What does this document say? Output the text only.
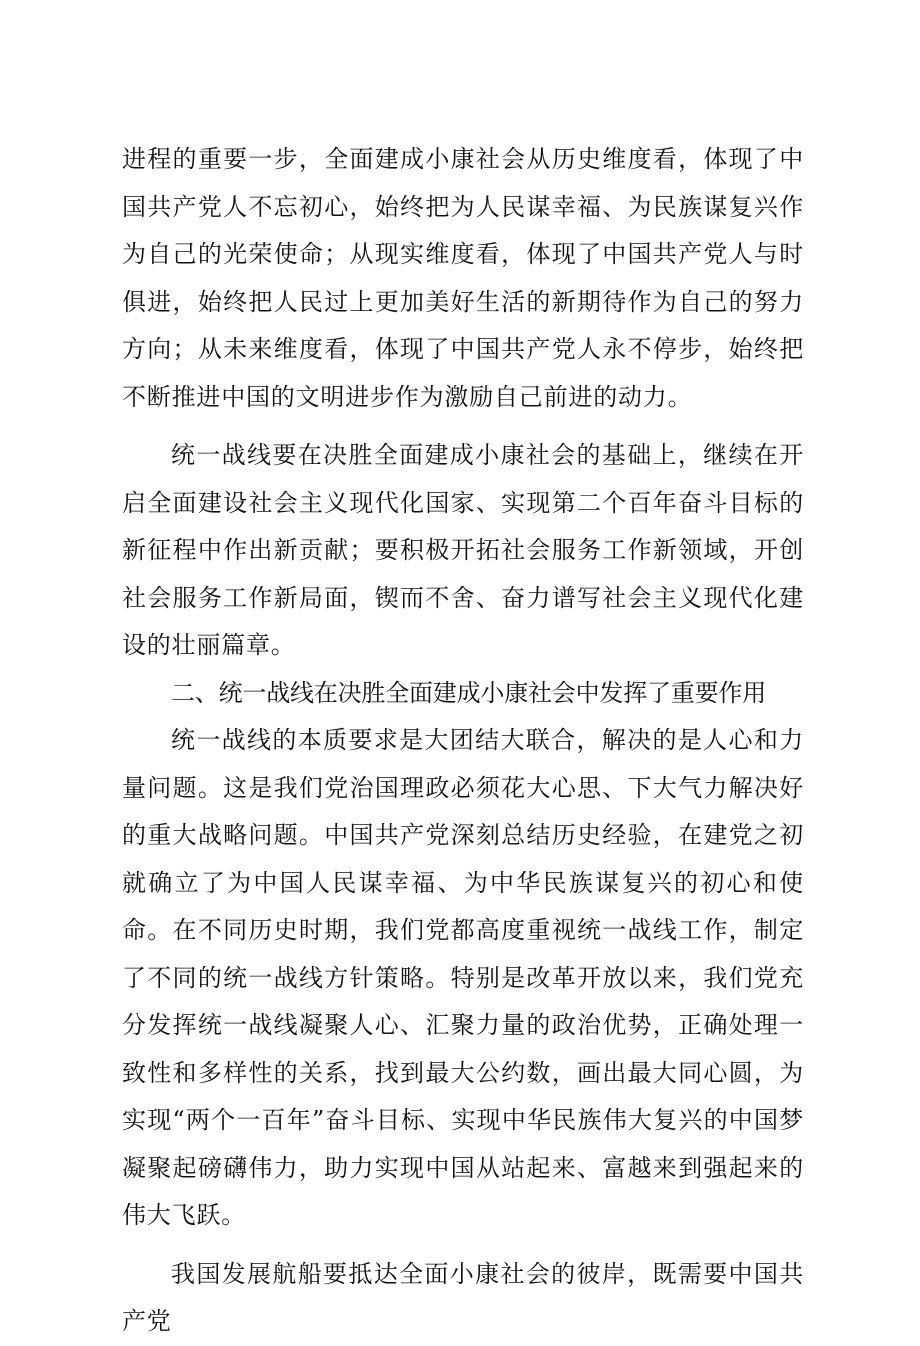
进程的重要一步，全面建成小康社会从历史维度看，体现了中国共产党人不忘初心，始终把为人民谋幸福、为民族谋复兴作为自己的光荣使命；从现实维度看，体现了中国共产党人与时俱进，始终把人民过上更加美好生活的新期待作为自己的努力方向；从未来维度看，体现了中国共产党人永不停步，始终把不断推进中国的文明进步作为激励自己前进的动力。

统一战线要在决胜全面建成小康社会的基础上，继续在开启全面建设社会主义现代化国家、实现第二个百年奋斗目标的新征程中作出新贡献；要积极开拓社会服务工作新领域，开创社会服务工作新局面，锲而不舍、奋力谱写社会主义现代化建设的壮丽篇章。

二、统一战线在决胜全面建成小康社会中发挥了重要作用

统一战线的本质要求是大团结大联合，解决的是人心和力量问题。这是我们党治国理政必须花大心思、下大气力解决好的重大战略问题。中国共产党深刻总结历史经验，在建党之初就确立了为中国人民谋幸福、为中华民族谋复兴的初心和使命。在不同历史时期，我们党都高度重视统一战线工作，制定了不同的统一战线方针策略。特别是改革开放以来，我们党充分发挥统一战线凝聚人心、汇聚力量的政治优势，正确处理一致性和多样性的关系，找到最大公约数，画出最大同心圆，为实现“两个一百年”奋斗目标、实现中华民族伟大复兴的中国梦凝聚起磅礴伟力，助力实现中国从站起来、富越来到强起来的伟大飞跃。

我国发展航船要抵达全面小康社会的彼岸，既需要中国共产党
